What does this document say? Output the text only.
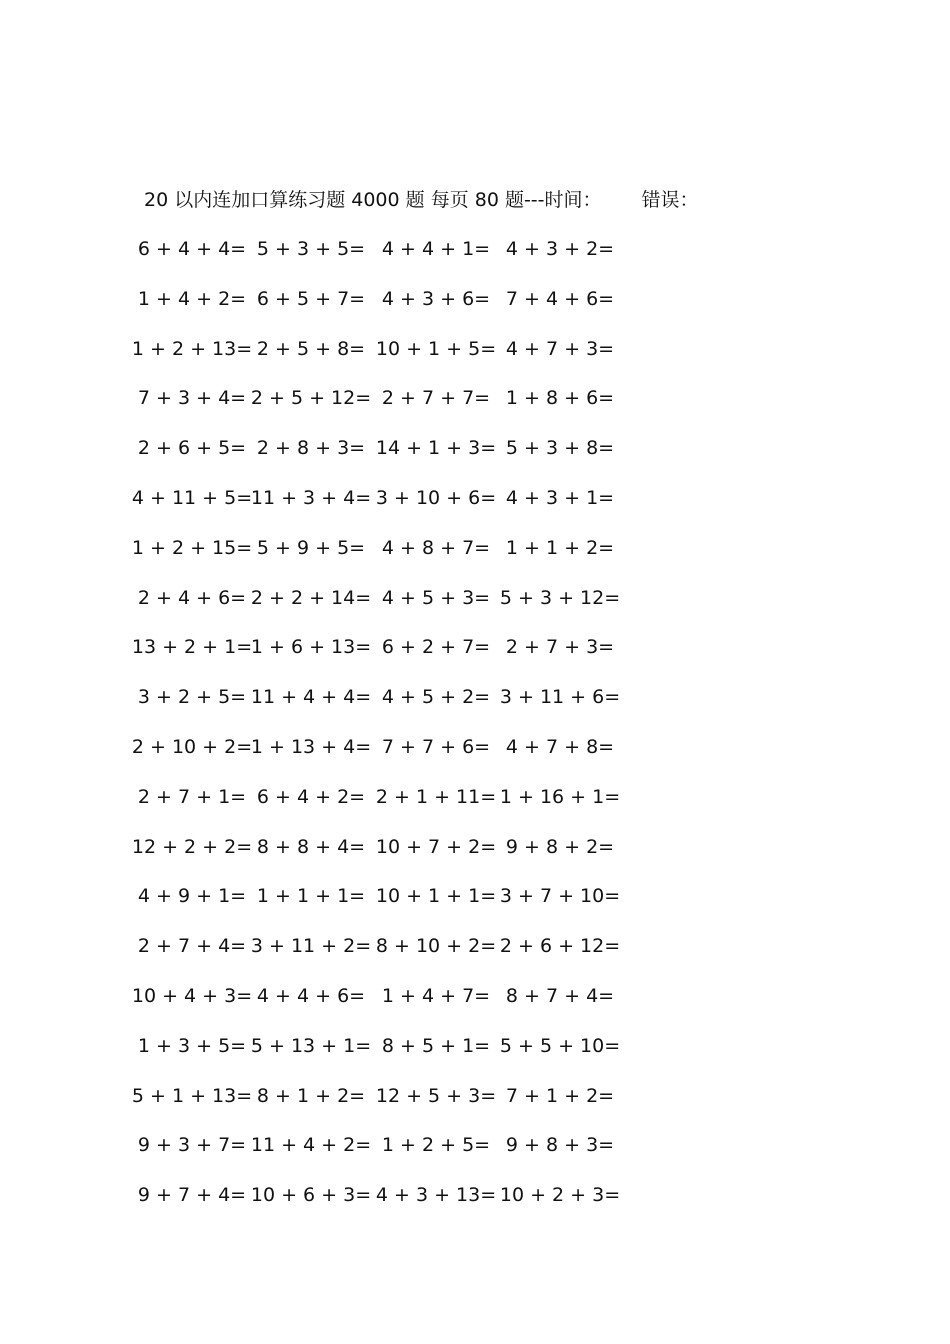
20 以内连加口算练习题 4000 题 每页 80 题---时间： 错误：
6 + 4 + 4= 5 + 3 + 5= 4 + 4 + 1= 4 + 3 + 2=
1 + 4 + 2= 6 + 5 + 7= 4 + 3 + 6= 7 + 4 + 6=
1 + 2 + 13= 2 + 5 + 8= 10 + 1 + 5= 4 + 7 + 3=
7 + 3 + 4= 2 + 5 + 12= 2 + 7 + 7= 1 + 8 + 6=
2 + 6 + 5= 2 + 8 + 3= 14 + 1 + 3= 5 + 3 + 8=
4 + 11 + 5=
11 + 3 + 4= 3 + 10 + 6= 4 + 3 + 1=
1 + 2 + 15= 5 + 9 + 5= 4 + 8 + 7= 1 + 1 + 2=
2 + 4 + 6= 2 + 2 + 14= 4 + 5 + 3= 5 + 3 + 12=
13 + 2 + 1=
1 + 6 + 13= 6 + 2 + 7= 2 + 7 + 3=
3 + 2 + 5= 11 + 4 + 4= 4 + 5 + 2= 3 + 11 + 6=
2 + 10 + 2=
1 + 13 + 4= 7 + 7 + 6= 4 + 7 + 8=
2 + 7 + 1= 6 + 4 + 2= 2 + 1 + 11= 1 + 16 + 1=
12 + 2 + 2= 8 + 8 + 4= 10 + 7 + 2= 9 + 8 + 2=
4 + 9 + 1= 1 + 1 + 1= 10 + 1 + 1= 3 + 7 + 10=
2 + 7 + 4= 3 + 11 + 2= 8 + 10 + 2= 2 + 6 + 12=
10 + 4 + 3= 4 + 4 + 6= 1 + 4 + 7= 8 + 7 + 4=
1 + 3 + 5= 5 + 13 + 1= 8 + 5 + 1= 5 + 5 + 10=
5 + 1 + 13= 8 + 1 + 2= 12 + 5 + 3= 7 + 1 + 2=
9 + 3 + 7= 11 + 4 + 2= 1 + 2 + 5= 9 + 8 + 3=
9 + 7 + 4= 10 + 6 + 3= 4 + 3 + 13= 10 + 2 + 3=
